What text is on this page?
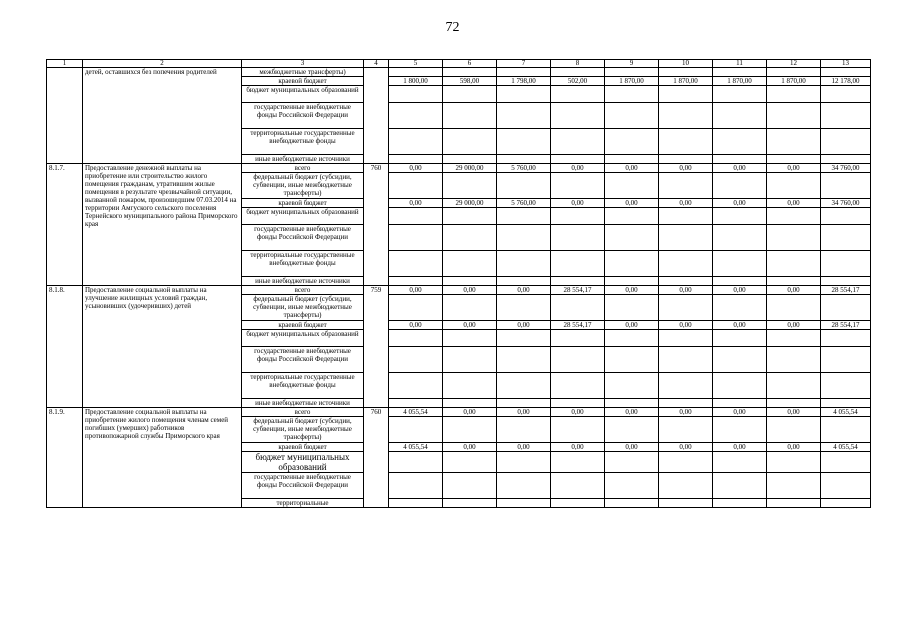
72
1	2	3	4	5	6	7	8	9	10	11	12	13
	детей, оставшихся без попечения родителей	межбюджетные трансферты)										
		краевой бюджет		1 800,00	598,00	1 798,00	502,00	1 870,00	1 870,00	1 870,00	1 870,00	12 178,00
		бюджет муниципальных образований										
		государственные внебюджетные фонды Российской Федерации										
		территориальные государственные внебюджетные фонды										
		иные внебюджетные источники										
8.1.7.	Предоставление денежной выплаты на приобретение или строительство жилого помещения гражданам, утратившим жилые помещения в результате чрезвычайной ситуации, вызванной пожаром, произошедшим 07.03.2014 на территории Амгуского сельского поселения Тернейского муниципального района Приморского края	всего	760	0,00	29 000,00	5 760,00	0,00	0,00	0,00	0,00	0,00	34 760,00
		федеральный бюджет (субсидии, субвенции, иные межбюджетные трансферты)										
		краевой бюджет		0,00	29 000,00	5 760,00	0,00	0,00	0,00	0,00	0,00	34 760,00
		бюджет муниципальных образований										
		государственные внебюджетные фонды Российской Федерации										
		территориальные государственные внебюджетные фонды										
		иные внебюджетные источники										
8.1.8.	Предоставление социальной выплаты на улучшение жилищных условий граждан, усыновивших (удочеривших) детей	всего	759	0,00	0,00	0,00	28 554,17	0,00	0,00	0,00	0,00	28 554,17
		федеральный бюджет (субсидии, субвенции, иные межбюджетные трансферты)										
		краевой бюджет		0,00	0,00	0,00	28 554,17	0,00	0,00	0,00	0,00	28 554,17
		бюджет муниципальных образований										
		государственные внебюджетные фонды Российской Федерации										
		территориальные государственные внебюджетные фонды										
		иные внебюджетные источники										
8.1.9.	Предоставление социальной выплаты на приобретение жилого помещения членам семей погибших (умерших) работников противопожарной службы Приморского края	всего	760	4 055,54	0,00	0,00	0,00	0,00	0,00	0,00	0,00	4 055,54
		федеральный бюджет (субсидии, субвенции, иные межбюджетные трансферты)										
		краевой бюджет		4 055,54	0,00	0,00	0,00	0,00	0,00	0,00	0,00	4 055,54
		бюджет муниципальных образований										
		государственные внебюджетные фонды Российской Федерации										
		территориальные										
